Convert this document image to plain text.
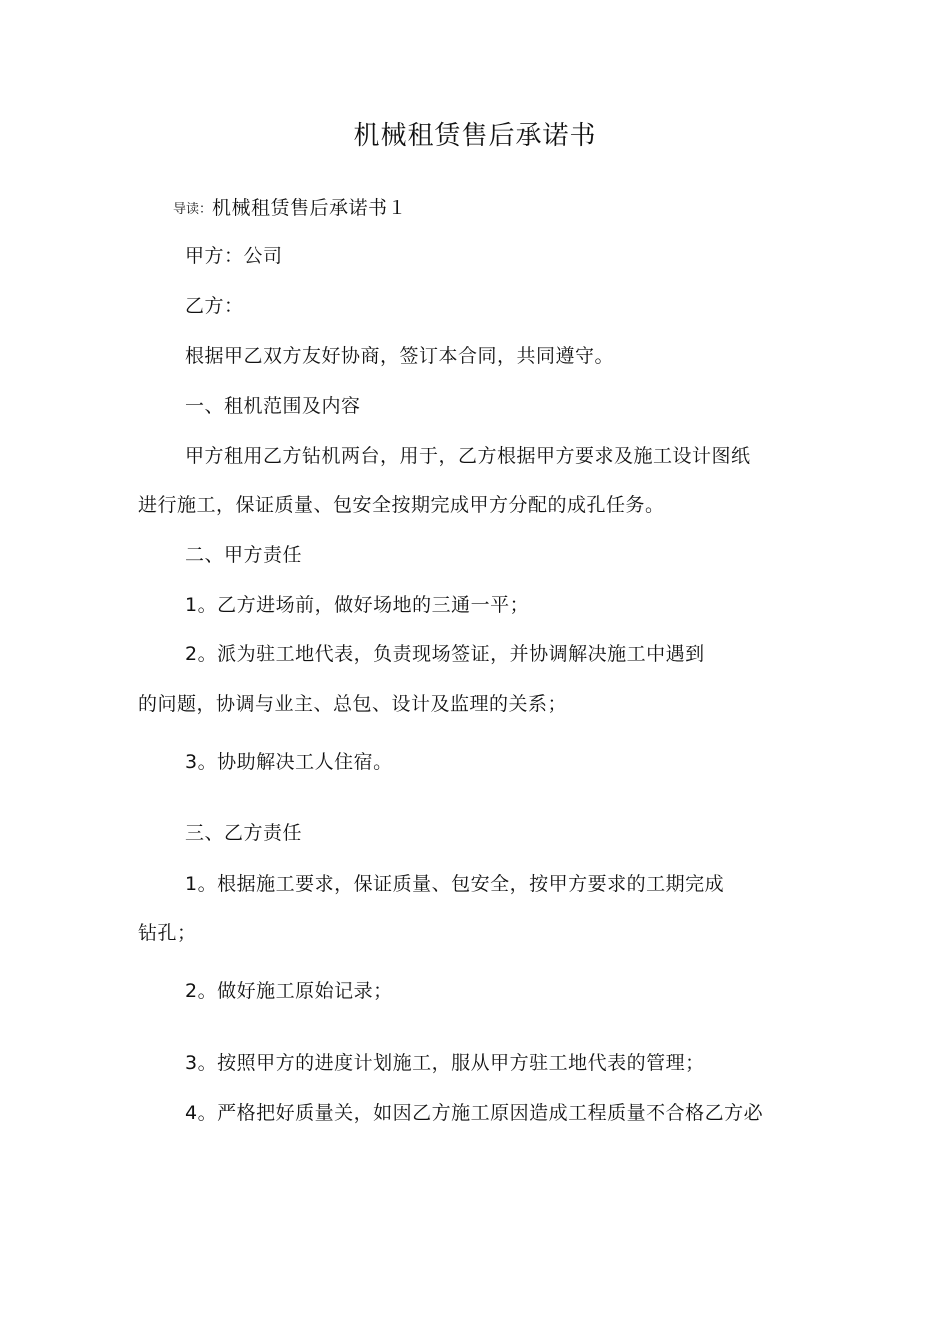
机械租赁售后承诺书
导读：机械租赁售后承诺书１
甲方：公司
乙方：
根据甲乙双方友好协商，签订本合同，共同遵守。
一、租机范围及内容
甲方租用乙方钻机两台，用于，乙方根据甲方要求及施工设计图纸
进行施工，保证质量、包安全按期完成甲方分配的成孔任务。
二、甲方责任
1。乙方进场前，做好场地的三通一平；
2。派为驻工地代表，负责现场签证，并协调解决施工中遇到
的问题，协调与业主、总包、设计及监理的关系；
3。协助解决工人住宿。
三、乙方责任
1。根据施工要求，保证质量、包安全，按甲方要求的工期完成
钻孔；
2。做好施工原始记录；
3。按照甲方的进度计划施工，服从甲方驻工地代表的管理；
4。严格把好质量关，如因乙方施工原因造成工程质量不合格乙方必
